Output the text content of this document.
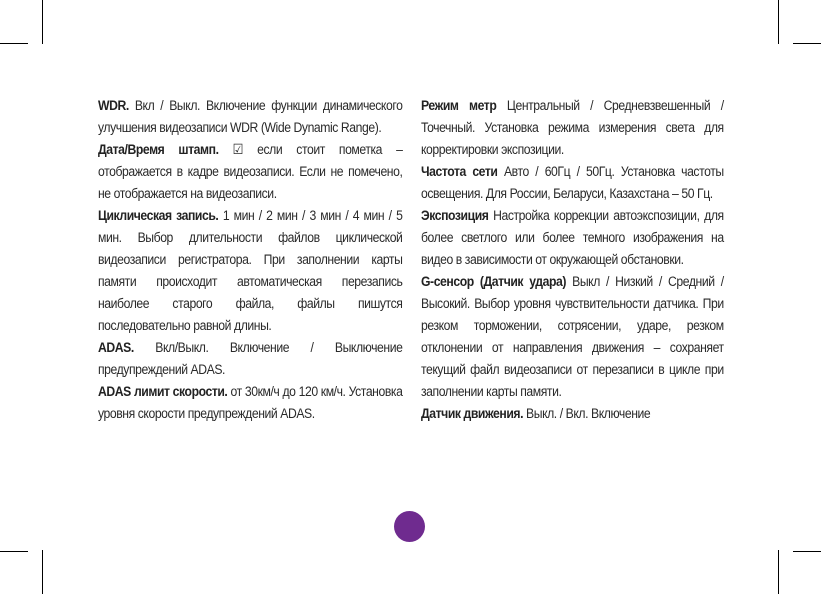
WDR. Вкл / Выкл. Включение функции динамического улучшения видеозаписи WDR (Wide Dynamic Range).

Дата/Время штамп. ☑ если стоит пометка – отображается в кадре видеозаписи. Если не помечено, не отображается на видеозаписи.

Циклическая запись. 1 мин / 2 мин / 3 мин / 4 мин / 5 мин. Выбор длительности файлов циклической видеозаписи регистратора. При заполнении карты памяти происходит автоматическая перезапись наиболее старого файла, файлы пишутся последовательно равной длины.

ADAS. Вкл/Выкл. Включение / Выключение предупреждений ADAS.

ADAS лимит скорости. от 30км/ч до 120 км/ч. Установка уровня скорости предупреждений ADAS.

Режим метр Центральный / Средневзвешенный / Точечный. Установка режима измерения света для корректировки экспозиции.

Частота сети Авто / 60Гц / 50Гц. Установка частоты освещения. Для России, Беларуси, Казахстана – 50 Гц.

Экспозиция Настройка коррекции автоэкспозиции, для более светлого или более темного изображения на видео в зависимости от окружающей обстановки.

G-сенсор (Датчик удара) Выкл / Низкий / Средний / Высокий. Выбор уровня чувствительности датчика. При резком торможении, сотрясении, ударе, резком отклонении от направления движения – сохраняет текущий файл видеозаписи от перезаписи в цикле при заполнении карты памяти.

Датчик движения. Выкл. / Вкл. Включение
